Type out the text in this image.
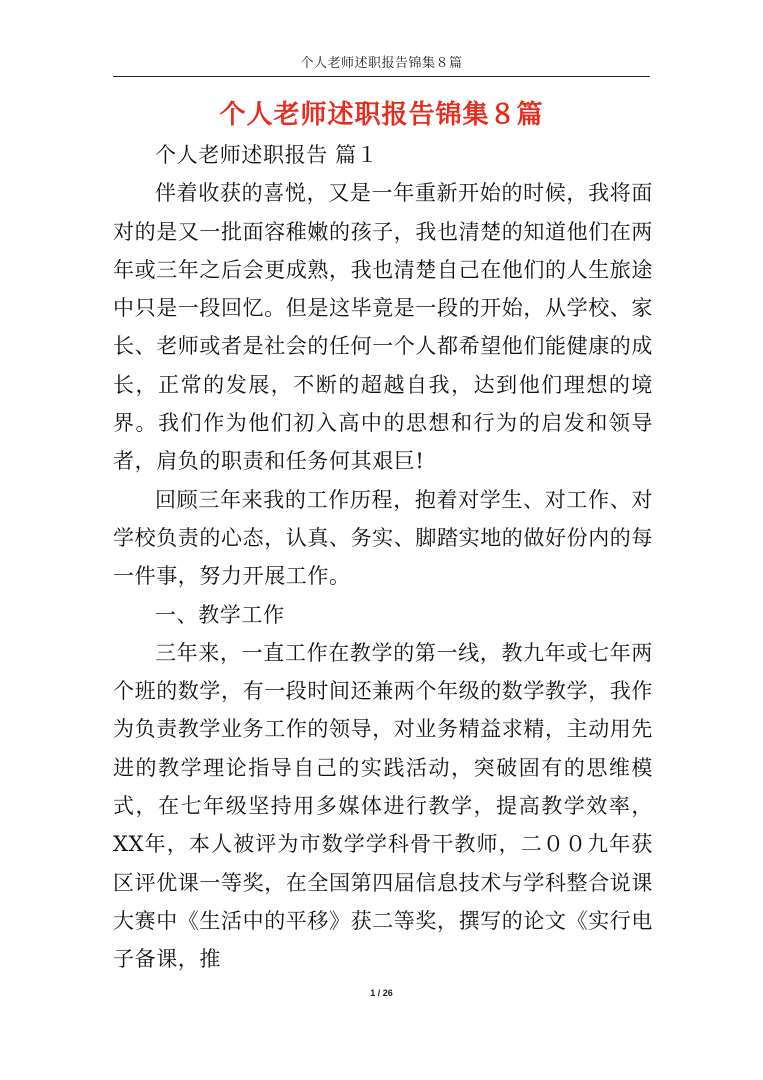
个人老师述职报告锦集８篇
个人老师述职报告锦集８篇

个人老师述职报告 篇１

伴着收获的喜悦，又是一年重新开始的时候，我将面对的是又一批面容稚嫩的孩子，我也清楚的知道他们在两年或三年之后会更成熟，我也清楚自己在他们的人生旅途中只是一段回忆。但是这毕竟是一段的开始，从学校、家长、老师或者是社会的任何一个人都希望他们能健康的成长，正常的发展，不断的超越自我，达到他们理想的境界。我们作为他们初入高中的思想和行为的启发和领导者，肩负的职责和任务何其艰巨!

回顾三年来我的工作历程，抱着对学生、对工作、对学校负责的心态，认真、务实、脚踏实地的做好份内的每一件事，努力开展工作。

一、教学工作

三年来，一直工作在教学的第一线，教九年或七年两个班的数学，有一段时间还兼两个年级的数学教学，我作为负责教学业务工作的领导，对业务精益求精，主动用先进的教学理论指导自己的实践活动，突破固有的思维模式，在七年级坚持用多媒体进行教学，提高教学效率，XX年，本人被评为市数学学科骨干教师，二００九年获区评优课一等奖，在全国第四届信息技术与学科整合说课大赛中《生活中的平移》获二等奖，撰写的论文《实行电子备课，推

1 / 26
